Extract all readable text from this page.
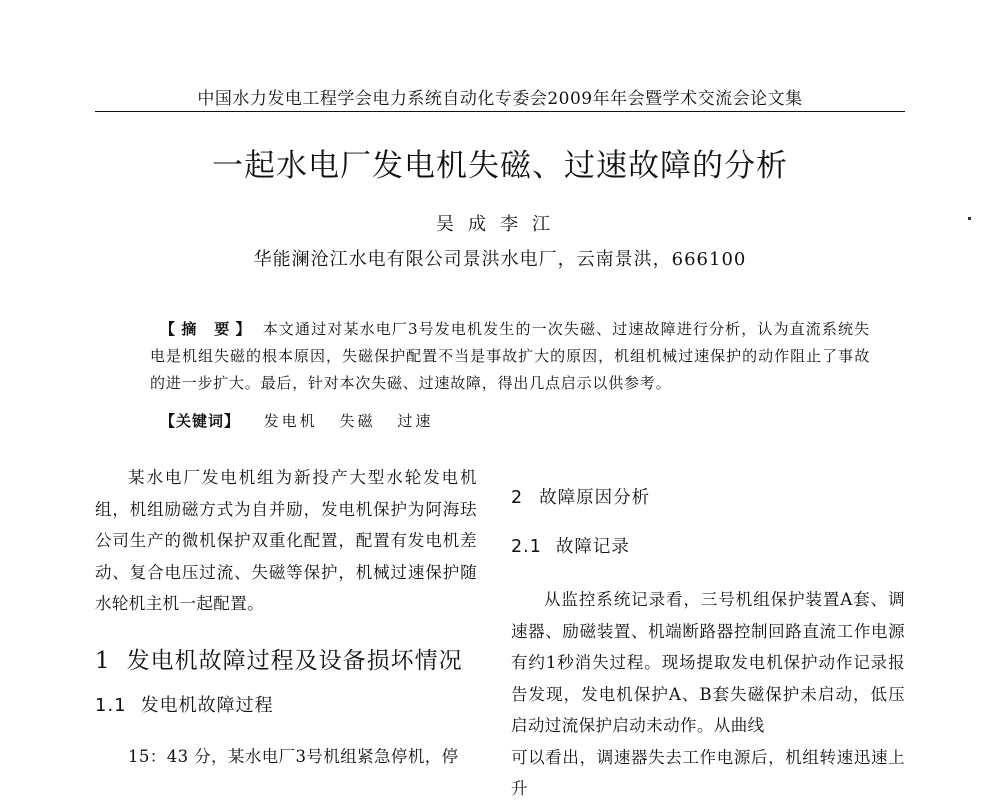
中国水力发电工程学会电力系统自动化专委会2009年年会暨学术交流会论文集
一起水电厂发电机失磁、过速故障的分析
吴成李江
华能澜沧江水电有限公司景洪水电厂，云南景洪，666100
【摘 要】 本文通过对某水电厂3号发电机发生的一次失磁、过速故障进行分析，认为直流系统失电是机组失磁的根本原因，失磁保护配置不当是事故扩大的原因，机组机械过速保护的动作阻止了事故的进一步扩大。最后，针对本次失磁、过速故障，得出几点启示以供参考。
【关键词】 发电机 失磁 过速

某水电厂发电机组为新投产大型水轮发电机组，机组励磁方式为自并励，发电机保护为阿海珐公司生产的微机保护双重化配置，配置有发电机差动、复合电压过流、失磁等保护，机械过速保护随水轮机主机一起配置。

1 发电机故障过程及设备损坏情况
1.1 发电机故障过程

15：43 分，某水电厂3号机组紧急停机，停

2 故障原因分析
2.1 故障记录

从监控系统记录看，三号机组保护装置A套、调速器、励磁装置、机端断路器控制回路直流工作电源有约1秒消失过程。现场提取发电机保护动作记录报告发现，发电机保护A、B套失磁保护未启动，低压启动过流保护启动未动作。从曲线

可以看出，调速器失去工作电源后，机组转速迅速上升
